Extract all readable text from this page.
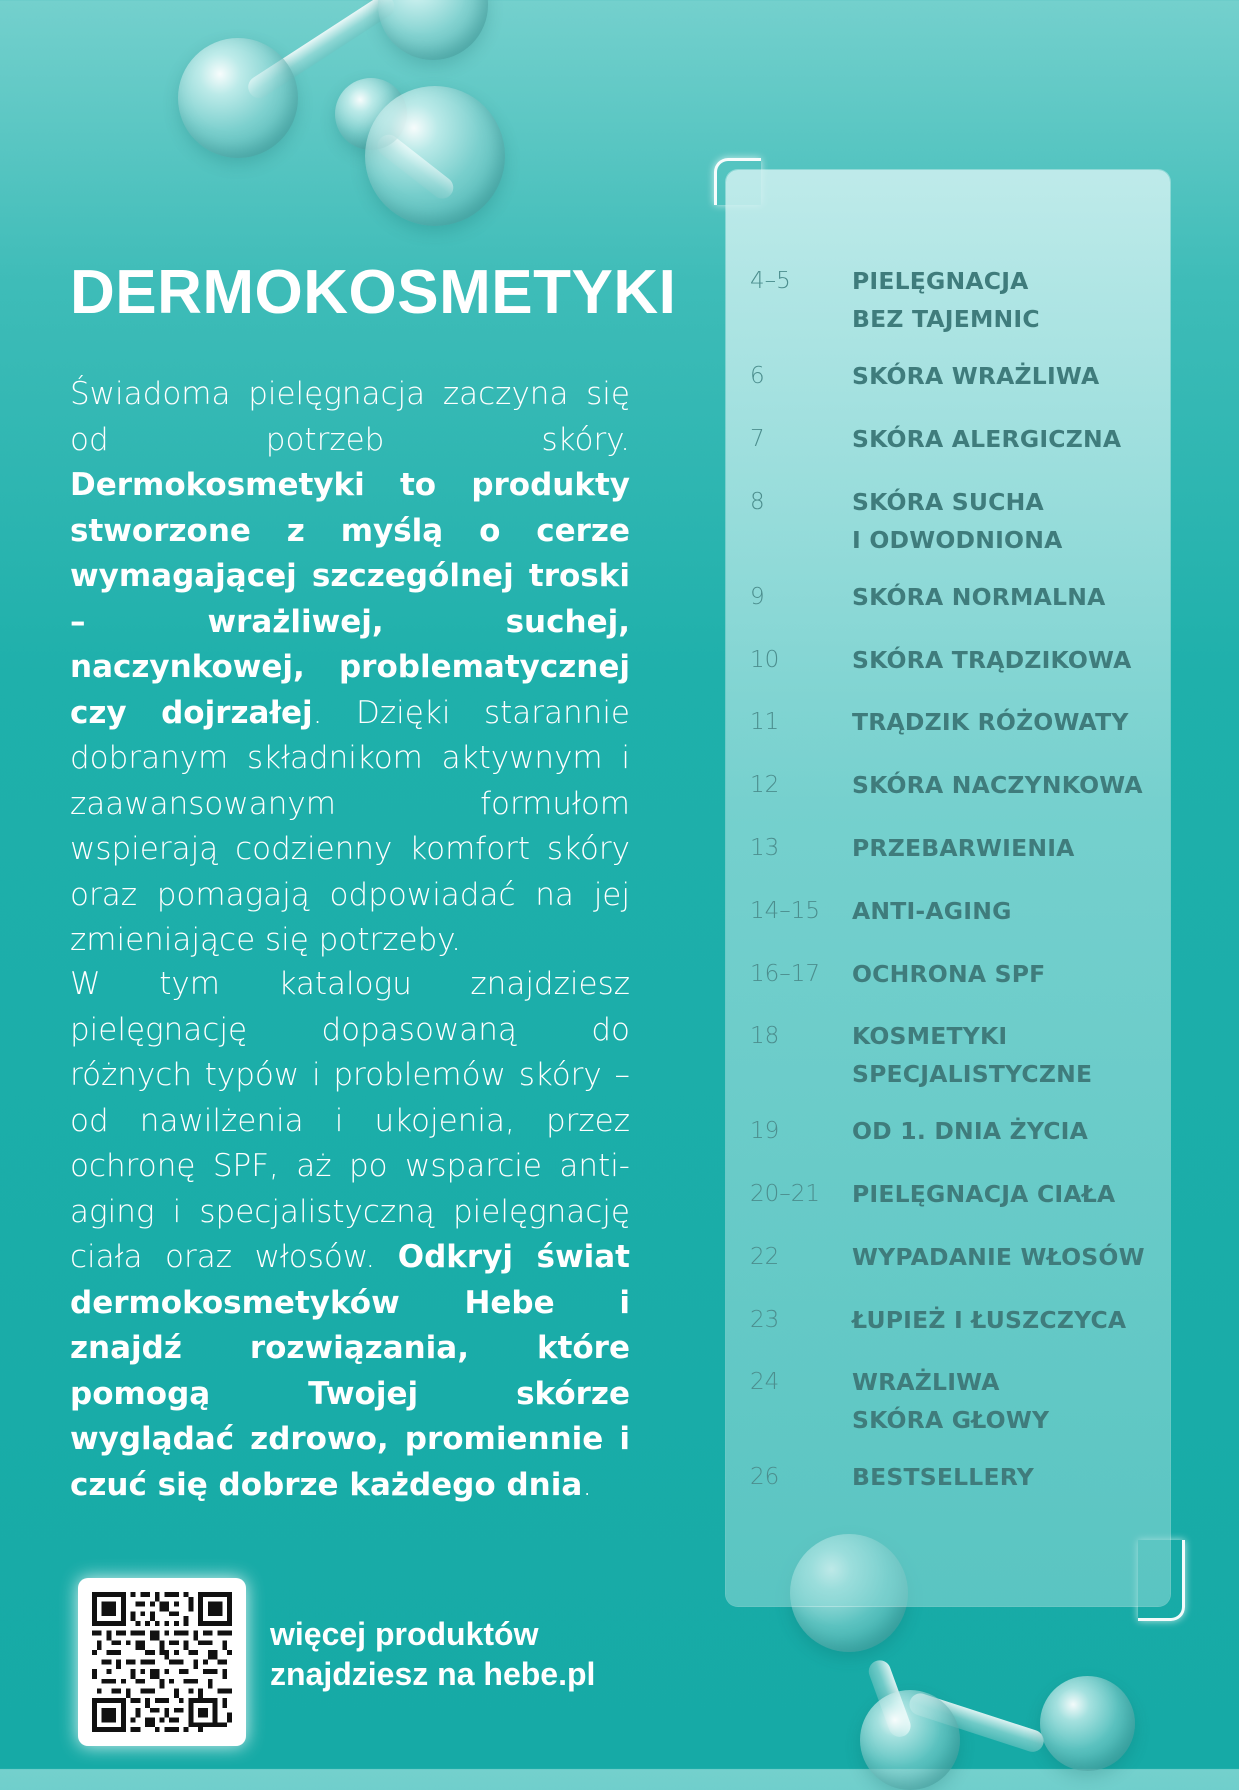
DERMOKOSMETYKI

Świadoma pielęgnacja zaczyna się od potrzeb skóry. Dermokosmetyki to produkty stworzone z myślą o cerze wymagającej szczególnej troski – wrażliwej, suchej, naczynkowej, problematycznej czy dojrzałej. Dzięki starannie dobranym składnikom aktywnym i zaawansowanym formułom wspierają codzienny komfort skóry oraz pomagają odpowiadać na jej zmieniające się potrzeby.

W tym katalogu znajdziesz pielęgnację dopasowaną do różnych typów i problemów skóry – od nawilżenia i ukojenia, przez ochronę SPF, aż po wsparcie anti-aging i specjalistyczną pielęgnację ciała oraz włosów. Odkryj świat dermokosmetyków Hebe i znajdź rozwiązania, które pomogą Twojej skórze wyglądać zdrowo, promiennie i czuć się dobrze każdego dnia.

więcej produktów
znajdziesz na hebe.pl

4–5	PIELĘGNACJA
BEZ TAJEMNIC
6	SKÓRA WRAŻLIWA
7	SKÓRA ALERGICZNA
8	SKÓRA SUCHA
I ODWODNIONA
9	SKÓRA NORMALNA
10	SKÓRA TRĄDZIKOWA
11	TRĄDZIK RÓŻOWATY
12	SKÓRA NACZYNKOWA
13	PRZEBARWIENIA
14–15 ANTI-AGING
16–17 OCHRONA SPF
18	KOSMETYKI
SPECJALISTYCZNE
19	OD 1. DNIA ŻYCIA
20–21 PIELĘGNACJA CIAŁA
22	WYPADANIE WŁOSÓW
23	ŁUPIEŻ I ŁUSZCZYCA
24	WRAŻLIWA
SKÓRA GŁOWY
26	BESTSELLERY
